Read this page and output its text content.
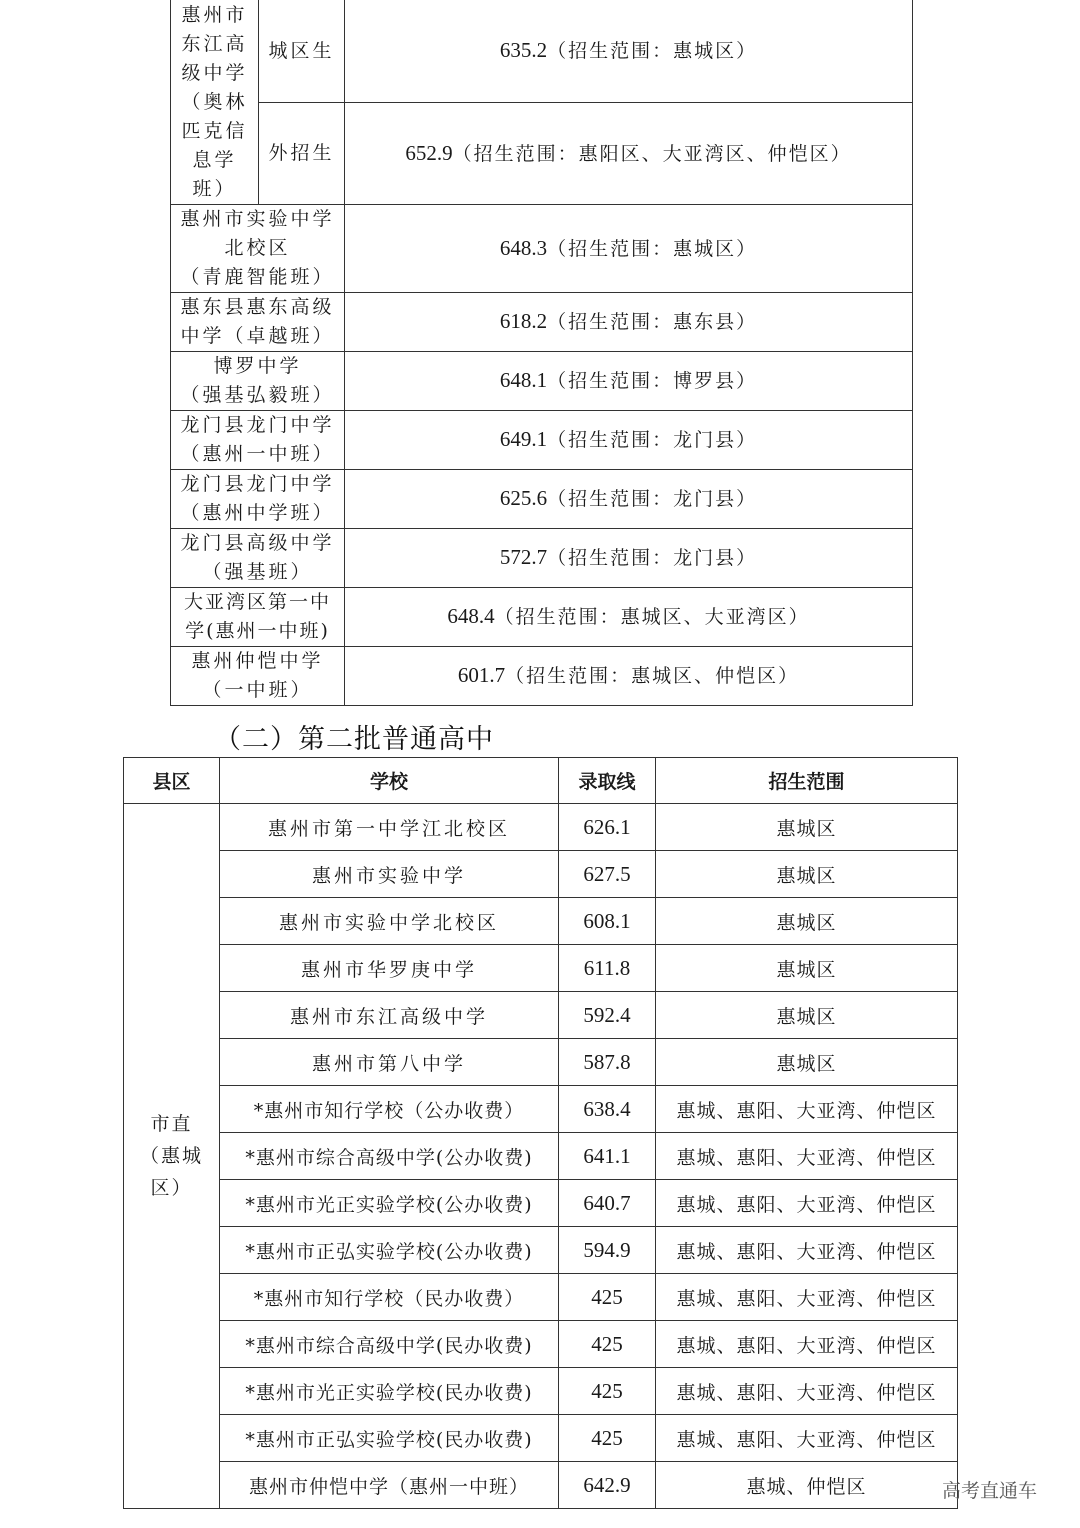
惠州市
东江高
级中学
（奥林
匹克信
息学
班）	城区生	635.2（招生范围：惠城区）
	外招生	652.9（招生范围：惠阳区、大亚湾区、仲恺区）
惠州市实验中学
北校区
（青鹿智能班）		648.3（招生范围：惠城区）
惠东县惠东高级
中学（卓越班）		618.2（招生范围：惠东县）
博罗中学
（强基弘毅班）		648.1（招生范围：博罗县）
龙门县龙门中学
（惠州一中班）		649.1（招生范围：龙门县）
龙门县龙门中学
（惠州中学班）		625.6（招生范围：龙门县）
龙门县高级中学
（强基班）		572.7（招生范围：龙门县）
大亚湾区第一中
学(惠州一中班)		648.4（招生范围：惠城区、大亚湾区）
惠州仲恺中学
（一中班）		601.7（招生范围：惠城区、仲恺区）
（二）第二批普通高中
县区	学校	录取线	招生范围
市直
（惠城
区）	惠州市第一中学江北校区	626.1	惠城区
	惠州市实验中学	627.5	惠城区
	惠州市实验中学北校区	608.1	惠城区
	惠州市华罗庚中学	611.8	惠城区
	惠州市东江高级中学	592.4	惠城区
	惠州市第八中学	587.8	惠城区
	*惠州市知行学校（公办收费）	638.4	惠城、惠阳、大亚湾、仲恺区
	*惠州市综合高级中学(公办收费)	641.1	惠城、惠阳、大亚湾、仲恺区
	*惠州市光正实验学校(公办收费)	640.7	惠城、惠阳、大亚湾、仲恺区
	*惠州市正弘实验学校(公办收费)	594.9	惠城、惠阳、大亚湾、仲恺区
	*惠州市知行学校（民办收费）	425	惠城、惠阳、大亚湾、仲恺区
	*惠州市综合高级中学(民办收费)	425	惠城、惠阳、大亚湾、仲恺区
	*惠州市光正实验学校(民办收费)	425	惠城、惠阳、大亚湾、仲恺区
	*惠州市正弘实验学校(民办收费)	425	惠城、惠阳、大亚湾、仲恺区
	惠州市仲恺中学（惠州一中班）	642.9	惠城、仲恺区	高考直通车
